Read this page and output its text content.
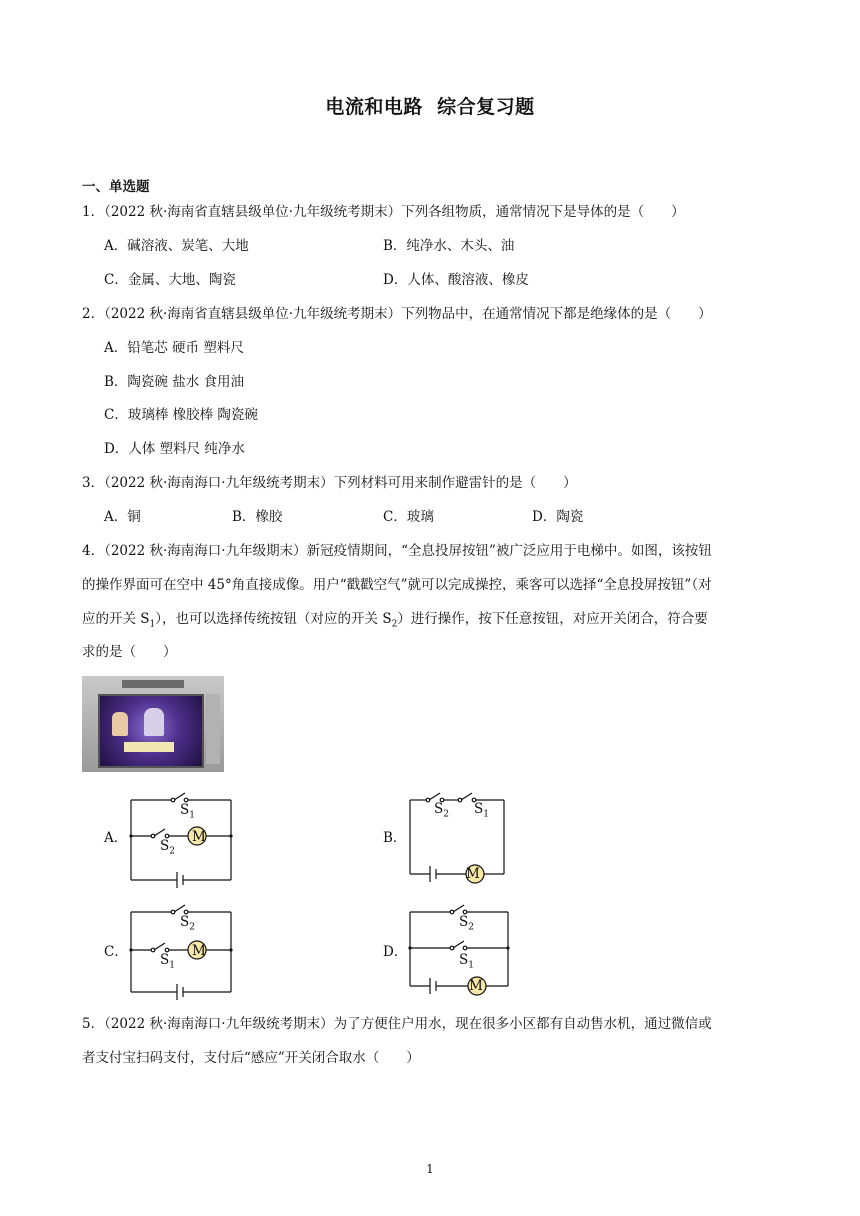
电流和电路  综合复习题
一、单选题
1．（2022 秋·海南省直辖县级单位·九年级统考期末）下列各组物质，通常情况下是导体的是（　　）
A．碱溶液、炭笔、大地	B．纯净水、木头、油
C．金属、大地、陶瓷	D．人体、酸溶液、橡皮
2．（2022 秋·海南省直辖县级单位·九年级统考期末）下列物品中，在通常情况下都是绝缘体的是（　　）
A．铅笔芯 硬币 塑料尺
B．陶瓷碗 盐水 食用油
C．玻璃棒 橡胶棒 陶瓷碗
D．人体 塑料尺 纯净水
3．（2022 秋·海南海口·九年级统考期末）下列材料可用来制作避雷针的是（　　）
A．铜	B．橡胶	C．玻璃	D．陶瓷
4．（2022 秋·海南海口·九年级期末）新冠疫情期间，“全息投屏按钮”被广泛应用于电梯中。如图，该按钮
的操作界面可在空中 45°角直接成像。用户“戳戳空气”就可以完成操控，乘客可以选择“全息投屏按钮”（对
应的开关 $S_1$），也可以选择传统按钮（对应的开关 $S_2$）进行操作，按下任意按钮，对应开关闭合，符合要
求的是（　　）
A．	M
$S_1$
$S_2$
B．
M
$S_2$ $S_1$
C．	M
$S_2$
$S_1$
D．
M
$S_2$
$S_1$
5．（2022 秋·海南海口·九年级统考期末）为了方便住户用水，现在很多小区都有自动售水机，通过微信或
者支付宝扫码支付，支付后“感应”开关闭合取水（　　）
1
